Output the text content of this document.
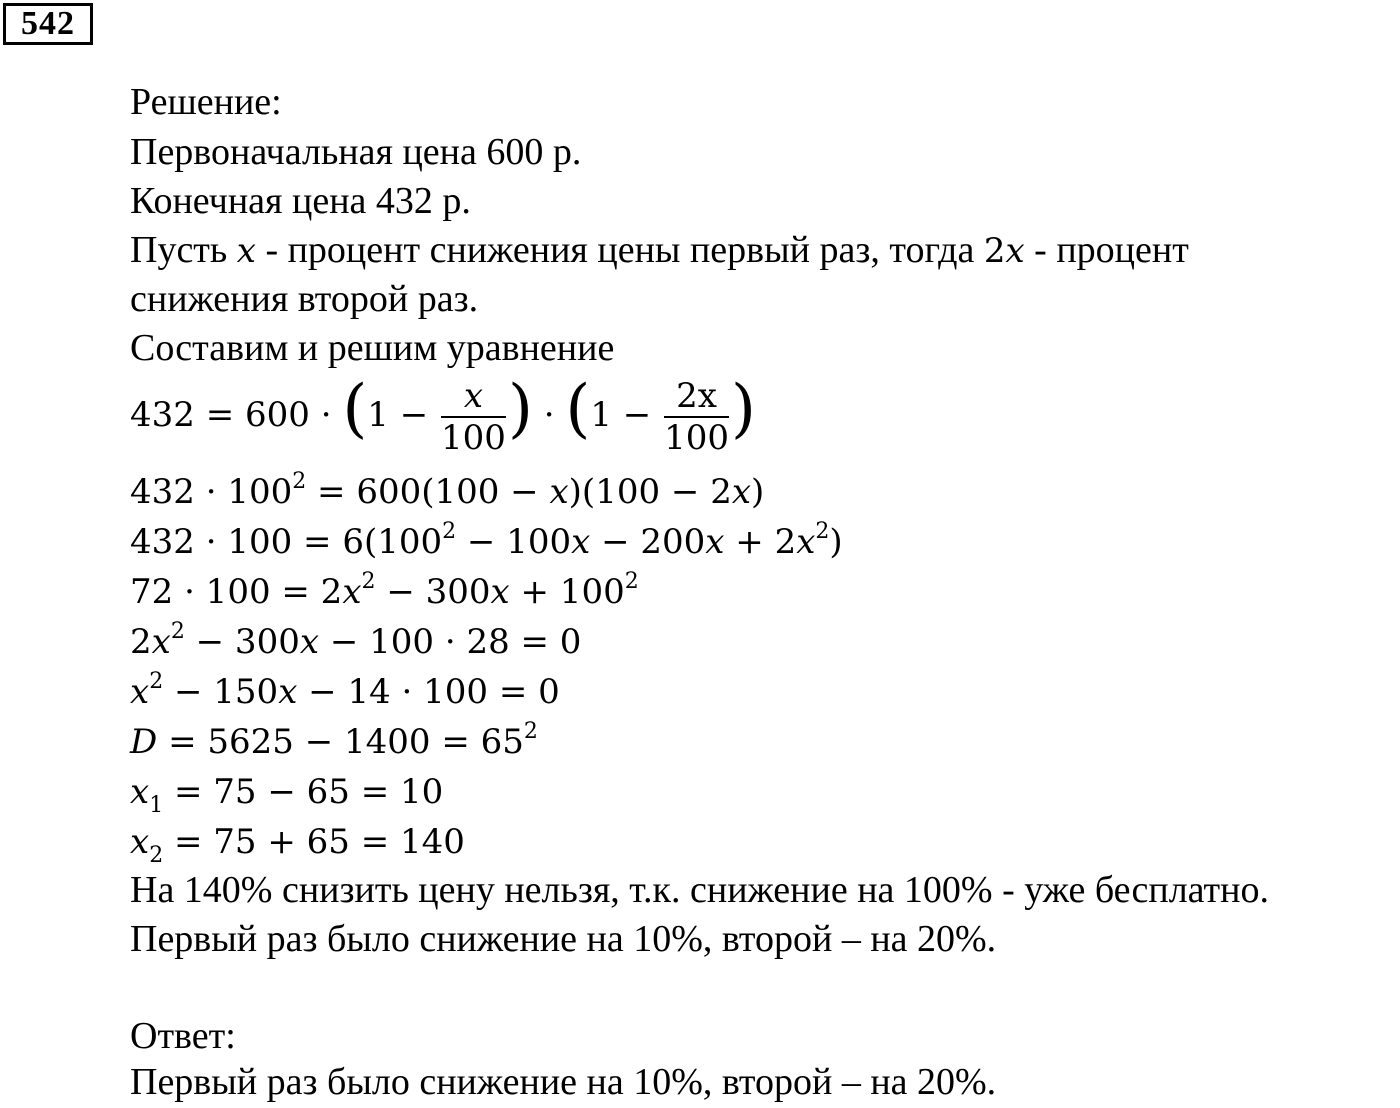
542
Решение:
Первоначальная цена 600 р.
Конечная цена 432 р.
Пусть x - процент снижения цены первый раз, тогда 2x - процент
снижения второй раз.
Составим и решим уравнение
$432 = 600 \cdot (1 - \frac{x}{100}$ ) · ($1 - \frac{2x}{100}$ )
$432 \cdot 100^2 = 600(100 - x)(100 - 2x)$
$432 \cdot 100 = 6(100^2 - 100x - 200x + 2x^2)$
$72 \cdot 100 = 2x^2 - 300x + 100^2$
$2x^2 - 300x - 100 \cdot 28 = 0$
$x^2 - 150x - 14 \cdot 100 = 0$
$D = 5625 - 1400 = 65^2$
$x_1 = 75 - 65 = 10$
$x_2 = 75 + 65 = 140$
На 140% снизить цену нельзя, т.к. снижение на 100% - уже бесплатно.
Первый раз было снижение на 10%, второй – на 20%.
Ответ:
Первый раз было снижение на 10%, второй – на 20%.
